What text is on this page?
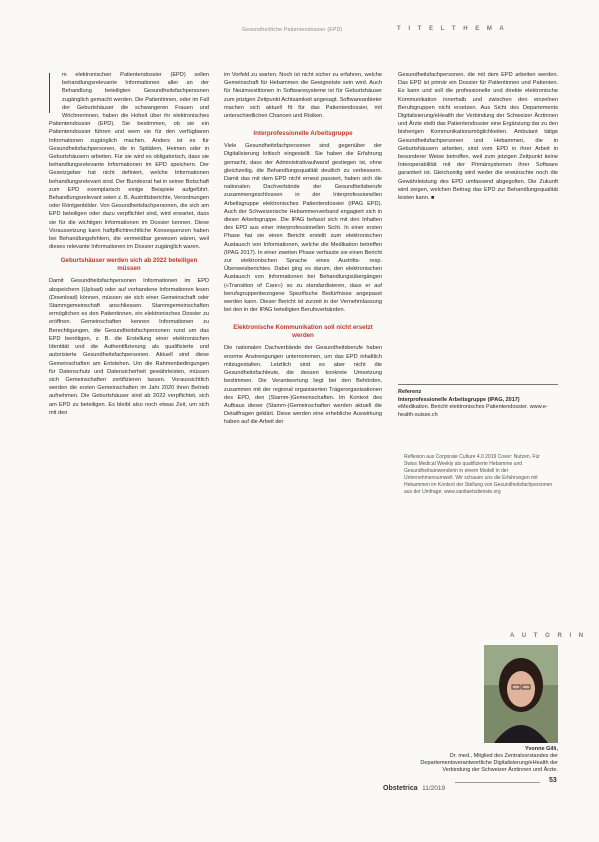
Gesundheitliche Patientendossier (EPD)	T I T E L T H E M A

m elektronischen Patientendossier (EPD) sollen behandlungsrelevante Informationen aller an der Behandlung beteiligten Gesundheitsfachpersonen zugänglich gemacht werden. Die Patientinnen, oder im Fall der Geburtshäuser die schwangeren Frauen und Wöchnerinnen, haben die Hoheit über ihr elektronisches Patientendossier (EPD). Sie bestimmen, ob sie ein Patientendossier führen und wem sie für den verfügbaren Informationen zugänglich machen. Anders ist es für Gesundheitsfachpersonen, die in Spitälern, Heimen oder in Geburtshäusern arbeiten. Für sie wird es obligatorisch, dass sie behandlungsrelevante Informationen im EPD speichern. Der Gesetzgeber hat nicht definiert, welche Informationen behandlungsrelevant sind. Der Bundesrat hat in seiner Botschaft zum EPD exemplarisch einige Beispiele aufgeführt. Behandlungsrelevant seien z. B. Austrittsberichte, Verordnungen oder Röntgenbilder. Von Gesundheitsfachpersonen, die sich am EPD beteiligen oder dazu verpflichtet sind, wird erwartet, dass sie für die wichtigen Informationen im Dossier kennen. Diese Voraussetzung kann haftpflichtrechtliche Konsequenzen haben bei Behandlungsfehlern, die vermeidbar gewesen wären, weil dieses relevante Informationen im Dossier zugänglich waren.

Geburtshäuser werden sich ab 2022 beteiligen müssen

Damit Gesundheitsfachpersonen Informationen im EPD abspeichern (Upload) oder auf vorhandene Informationen lesen (Download) können, müssen sie sich einer Gemeinschaft oder Stammgemeinschaft anschliessen. Stammgemeinschaften ermöglichen es den Patientinnen, ein elektronisches Dossier zu eröffnen. Gemeinschaften kennen Informationen zu Berechtigungen, die Gesundheitsfachpersonen rund um das EPD benötigen, z. B. die Erstellung einer elektronischen Identität und die Authentifizierung als qualifizierte und autorisierte Gesundheitsfachpersonen. Aktuell sind diese Gemeinschaften am Entstehen. Um die Rahmenbedingungen für Datenschutz und Datensicherheit gewährleisten, müssen sich Gemeinschaften zertifizieren lassen. Voraussichtlich werden die ersten Gemeinschaften im Jahr 2020 ihren Betrieb aufnehmen. Die Geburtshäuser sind ab 2022 verpflichtet, sich am EPD zu beteiligen. Es bleibt also noch etwas Zeit, um sich mit den

im Vorfeld zu warten. Noch ist nicht sicher zu erfahren, welche Gemeinschaft für Hebammen die Geeignetste sein wird. Auch für Neuinvestitionen in Softwaresysteme ist für Geburtshäuser zum jetzigen Zeitpunkt Achtsamkeit angesagt. Softwareanbieter machen sich aktuell fit für das Patientendossier, mit unterschiedlichen Chancen und Risiken.

Interprofessionelle Arbeitsgruppe

Viele Gesundheitsfachpersonen sind gegenüber der Digitalisierung kritisch eingestellt. Sie haben die Erfahrung gemacht, dass der Administrativaufwand gestiegen ist, ohne gleichzeitig, die Behandlungsqualität deutlich zu verbessern. Damit das mit dem EPD nicht erneut passiert, haben sich die nationalen Dachverbände der Gesundheitsberufe zusammengeschlossen in der Interprofessionellen Arbeitsgruppe elektronisches Patientendossier (IPAG EPD). Auch der Schweizerische Hebammenverband engagiert sich in dieser Arbeitsgruppe. Die IPAG befasst sich mit den Inhalten des EPD aus einer interprofessionellen Sicht. In einer ersten Phase hat sie einen Bericht erstellt zum elektronischen Austausch von Informationen, welche die Medikation betreffen (IPAG 2017). In einer zweiten Phase verfasste sie einen Bericht zur elektronischen Sprache eines Austritts- resp. Überweisberichtes. Dabei ging es darum, den elektronischen Austausch von Informationen bei Behandlungsübergängen («Transition of Care») so zu standardisieren, dass er auf berufsgruppenbezogene Spezifische Bedürfnisse angepasst werden kann. Dieser Bericht ist zurzeit in der Vernehmlassung bei den in der IPAG beteiligten Berufsverbänden.

Elektronische Kommunikation soll nicht ersetzt werden

Die nationalen Dachverbände der Gesundheitsberufe haben enorme Anstrengungen unternommen, um das EPD inhaltlich mitzugestalten. Letztlich sind es aber nicht die Gesundheitsfachleute, die dessen konkrete Umsetzung bestimmen. Die Verantwortung liegt bei den Behörden, zusammen mit der regional organisierten Trägerorganisationen des EPD, den (Stamm-)Gemeinschaften. Im Kontext des Aufbaus dieser (Stamm-)Gemeinschaften werden aktuell die Detailfragen geklärt. Diese werden eine erhebliche Auswirkung haben auf die Arbeit der

Gesundheitsfachpersonen, die mit dem EPD arbeiten werden. Das EPD ist primär ein Dossier für Patientinnen und Patienten. Es kann und soll die professionelle und direkte elektronische Kommunikation innerhalb und zwischen den einzelnen Berufsgruppen nicht ersetzen. Aus Sicht des Departements Digitalisierung/eHealth der Verbindung der Schweizer Ärztinnen und Ärzte stellt das Patientendossier eine Ergänzung dar zu den bisherigen Kommunikationsmöglichkeiten. Ambulant tätige Gesundheitsfachpersonen und Hebammen, die in Geburtshäusern arbeiten, sind vom EPD in ihrer Arbeit in besonderer Weise betroffen, weil zum jetzigen Zeitpunkt keine Interoperabilität mit der Primärsystemen ihrer Software garantiert ist. Gleichzeitig wird weder die erwünschte noch die Gewährleistung des EPD umfassend abgegolten. Die Zukunft wird zeigen, welchen Beitrag das EPD zur Behandlungsqualität leisten kann. ■

Referenz
Interprofessionelle Arbeitsgruppe (IPAG, 2017)
eMedikation. Bericht elektronisches Patientendossier. www.e-health-suisse.ch
Reflexion aus Corporate Culture 4.0 2019 Cover: Nutzen. Für Swiss Medical Weekly als qualifizierte Hebamme und Gesundheitsanwenderin in einem Modell in der Unternehmensumwelt. Wir schauen uns die Erfahrungen mit Hebammen im Kontext der Stellung von Gesundheitsfachpersonen aus der Umfrage: www.sanitaetsdienste.org
A U T O R I N
Yvonne Gilli,
Dr. med., Mitglied des Zentralvorstandes der Departementsverantwortliche Digitalisierung/eHealth der Verbindung der Schweizer Ärztinnen und Ärzte.
Obstetrica 11/2019
53
